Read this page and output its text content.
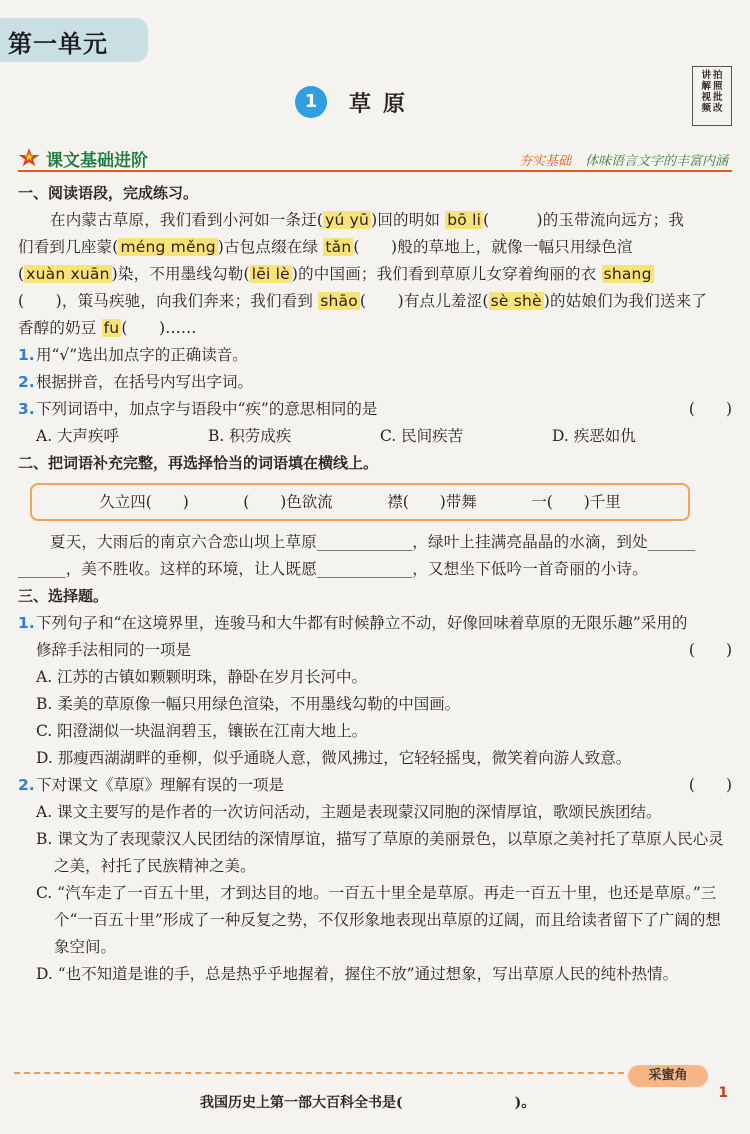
第一单元
1	草原
讲
解
视
频
拍
照
批
改
课文基础进阶	夯实基础 体味语言文字的丰富内涵
一、阅读语段，完成练习。
在内蒙古草原，我们看到小河如一条迂( yú yū )回的明如 bō li (　　　)的玉带流向远方；我
们看到几座蒙( méng měng )古包点缀在绿 tǎn (　　)般的草地上，就像一幅只用绿色渲
( xuàn xuān )染，不用墨线勾勒( lēi lè )的中国画；我们看到草原儿女穿着绚丽的衣 shang
(　　)，策马疾驰，向我们奔来；我们看到 shāo (　　)有点儿羞涩( sè shè )的姑娘们为我们送来了
香醇的奶豆 fu (　　)……
1. 用“√”选出加点字的正确读音。
2. 根据拼音，在括号内写出字词。
3. 下列词语中，加点字与语段中“疾”的意思相同的是	(　　)
A. 大声疾呼	B. 积劳成疾	C. 民间疾苦	D. 疾恶如仇
二、把词语补充完整，再选择恰当的词语填在横线上。
久立四(　　)	(　　)色欲流	襟(　　)带舞	一(　　)千里
夏天，大雨后的南京六合恋山坝上草原____________，绿叶上挂满亮晶晶的水滴，到处______
______，美不胜收。这样的环境，让人既愿____________，又想坐下低吟一首奇丽的小诗。
三、选择题。
1. 下列句子和“在这境界里，连骏马和大牛都有时候静立不动，好像回味着草原的无限乐趣”采用的
修辞手法相同的一项是	(　　)
A. 江苏的古镇如颗颗明珠，静卧在岁月长河中。
B. 柔美的草原像一幅只用绿色渲染，不用墨线勾勒的中国画。
C. 阳澄湖似一块温润碧玉，镶嵌在江南大地上。
D. 那瘦西湖湖畔的垂柳，似乎通晓人意，微风拂过，它轻轻摇曳，微笑着向游人致意。
2. 下对课文《草原》理解有误的一项是	(　　)
A. 课文主要写的是作者的一次访问活动，主题是表现蒙汉同胞的深情厚谊，歌颂民族团结。
B. 课文为了表现蒙汉人民团结的深情厚谊，描写了草原的美丽景色，以草原之美衬托了草原人民心灵之美，衬托了民族精神之美。
C. “汽车走了一百五十里，才到达目的地。一百五十里全是草原。再走一百五十里，也还是草原。”三个“一百五十里”形成了一种反复之势，不仅形象地表现出草原的辽阔，而且给读者留下了广阔的想象空间。
D. “也不知道是谁的手，总是热乎乎地握着，握住不放”通过想象，写出草原人民的纯朴热情。
采蜜角
我国历史上第一部大百科全书是(　　　　　　　　)。
1
